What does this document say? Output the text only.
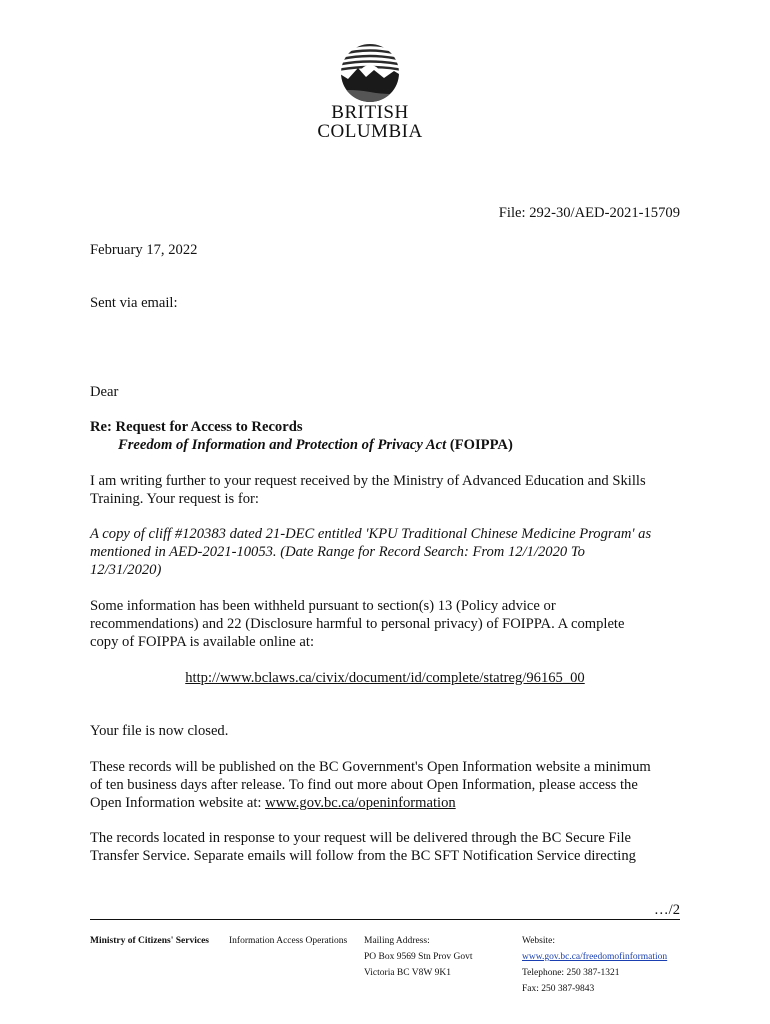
BRITISH
COLUMBIA
File: 292-30/AED-2021-15709
February 17, 2022
Sent via email:
Dear
Re: Request for Access to Records
Freedom of Information and Protection of Privacy Act (FOIPPA)
I am writing further to your request received by the Ministry of Advanced Education and Skills
Training. Your request is for:
A copy of cliff #120383 dated 21-DEC entitled 'KPU Traditional Chinese Medicine Program' as
mentioned in AED-2021-10053. (Date Range for Record Search: From 12/1/2020 To
12/31/2020)
Some information has been withheld pursuant to section(s) 13 (Policy advice or
recommendations) and 22 (Disclosure harmful to personal privacy) of FOIPPA. A complete
copy of FOIPPA is available online at:
http://www.bclaws.ca/civix/document/id/complete/statreg/96165_00
Your file is now closed.
These records will be published on the BC Government's Open Information website a minimum
of ten business days after release. To find out more about Open Information, please access the
Open Information website at: www.gov.bc.ca/openinformation
The records located in response to your request will be delivered through the BC Secure File
Transfer Service. Separate emails will follow from the BC SFT Notification Service directing
…/2
Ministry of Citizens' Services Information Access Operations Mailing Address:
PO Box 9569 Stn Prov Govt
Victoria BC V8W 9K1
Website:
www.gov.bc.ca/freedomofinformation
Telephone: 250 387-1321
Fax: 250 387-9843
